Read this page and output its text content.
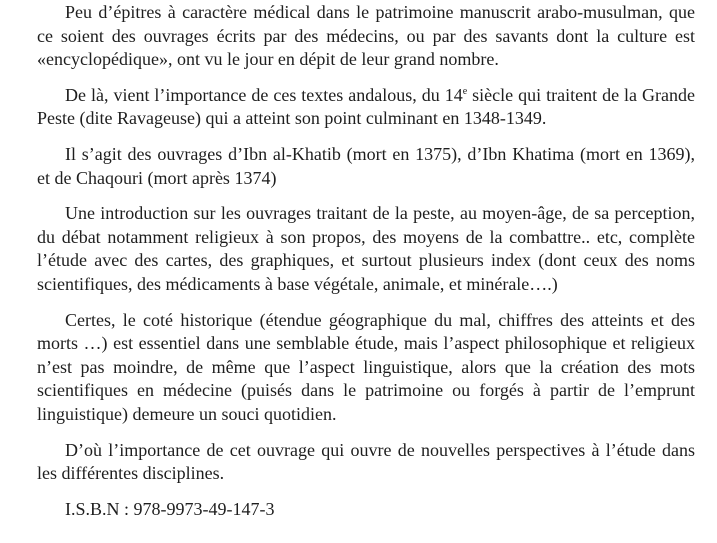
Peu d’épitres à caractère médical dans le patrimoine manuscrit arabo-musulman, que ce soient des ouvrages écrits par des médecins, ou par des savants dont la culture est «encyclopédique», ont vu le jour en dépit de leur grand nombre.

De là, vient l’importance de ces textes andalous, du 14e siècle qui traitent de la Grande Peste (dite Ravageuse) qui a atteint son point culminant en 1348-1349.

Il s’agit des ouvrages d’Ibn al-Khatib (mort en 1375), d’Ibn Khatima (mort en 1369), et de Chaqouri (mort après 1374)

Une introduction sur les ouvrages traitant de la peste, au moyen-âge, de sa perception, du débat notamment religieux à son propos, des moyens de la combattre.. etc, complète l’étude avec des cartes, des graphiques, et surtout plusieurs index (dont ceux des noms scientifiques, des médicaments à base végétale, animale, et minérale….)

Certes, le coté historique (étendue géographique du mal, chiffres des atteints et des morts …) est essentiel dans une semblable étude, mais l’aspect philosophique et religieux n’est pas moindre, de même que l’aspect linguistique, alors que la création des mots scientifiques en médecine (puisés dans le patrimoine ou forgés à partir de l’emprunt linguistique) demeure un souci quotidien.

D’où l’importance de cet ouvrage qui ouvre de nouvelles perspectives à l’étude dans les différentes disciplines.

I.S.B.N : 978-9973-49-147-3
